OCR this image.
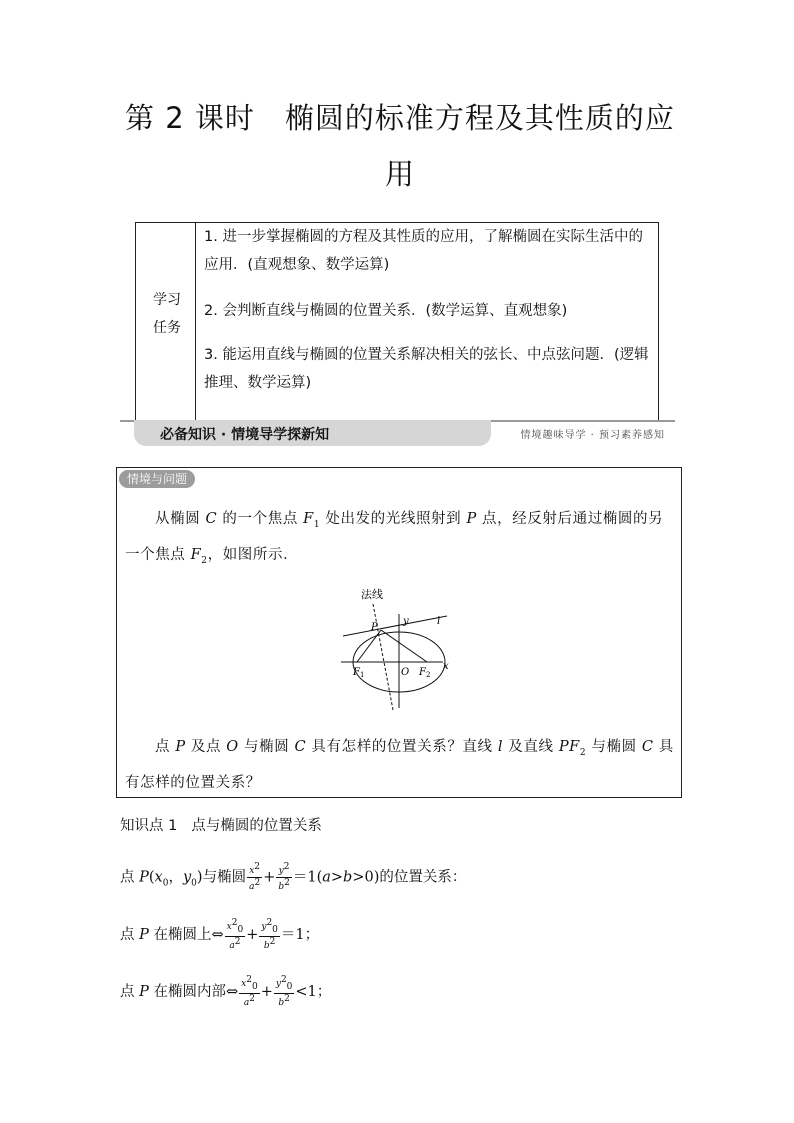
第 2 课时　椭圆的标准方程及其性质的应
用
学习
任务
1. 进一步掌握椭圆的方程及其性质的应用，了解椭圆在实际生活中的应用．(直观想象、数学运算)
2. 会判断直线与椭圆的位置关系．(数学运算、直观想象)
3. 能运用直线与椭圆的位置关系解决相关的弦长、中点弦问题．(逻辑推理、数学运算)
必备知识 · 情境导学探新知	情境趣味导学 · 预习素养感知
情境与问题
从椭圆 C 的一个焦点 $F_1$ 处出发的光线照射到 P 点，经反射后通过椭圆的另一个焦点 $F_2$，如图所示．
法线
P
y	l
$F_1$	O $F_2$
x
点 P 及点 O 与椭圆 C 具有怎样的位置关系？直线 l 及直线 $PF_2$ 与椭圆 C 具有怎样的位置关系？
知识点 1 点与椭圆的位置关系
点 $P(x_0$，$y_0$)与椭圆 $\frac{x^2}{a^2} + \frac{y^2}{b^2} =1(a>b>0)$的位置关系：
点 P 在椭圆上⇔ $\frac{x^2_0}{a^2} + \frac{y^2_0}{b^2} =1$；
点 P 在椭圆内部⇔ $\frac{x^2_0}{a^2} + \frac{y^2_0}{b^2} <1$；
